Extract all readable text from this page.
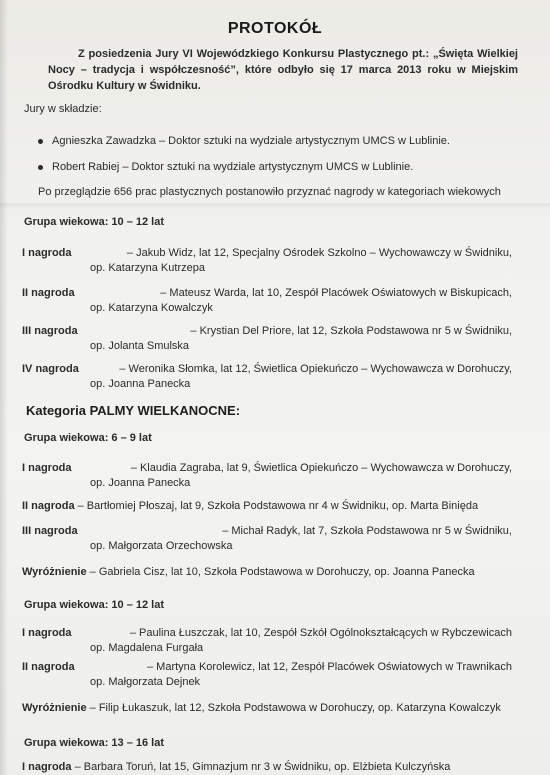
PROTOKÓŁ
Z posiedzenia Jury VI Wojewódzkiego Konkursu Plastycznego pt.: „Święta Wielkiej Nocy – tradycja i współczesność”, które odbyło się 17 marca 2013 roku w Miejskim Ośrodku Kultury w Świdniku.
Jury w składzie:
Agnieszka Zawadzka – Doktor sztuki na wydziale artystycznym UMCS w Lublinie.
Robert Rabiej – Doktor sztuki na wydziale artystycznym UMCS w Lublinie.
Po przeglądzie 656 prac plastycznych postanowiło przyznać nagrody w kategoriach wiekowych
Grupa wiekowa: 10 – 12 lat
I nagroda
	– Jakub Widz, lat 12, Specjalny Ośrodek Szkolno – Wychowawczy w Świdniku,
op. Katarzyna Kutrzepa
II nagroda
	– Mateusz Warda, lat 10, Zespół Placówek Oświatowych w Biskupicach,
op. Katarzyna Kowalczyk
III nagroda
	– Krystian Del Priore, lat 12, Szkoła Podstawowa nr 5 w Świdniku,
op. Jolanta Smulska
IV nagroda
	– Weronika Słomka, lat 12, Świetlica Opiekuńczo – Wychowawcza w Dorohuczy,
op. Joanna Panecka
Kategoria PALMY WIELKANOCNE:
Grupa wiekowa: 6 – 9 lat
I nagroda
	– Klaudia Zagraba, lat 9, Świetlica Opiekuńczo – Wychowawcza w Dorohuczy,
op. Joanna Panecka
II nagroda – Bartłomiej Płoszaj, lat 9, Szkoła Podstawowa nr 4 w Świdniku, op. Marta Binięda
III nagroda
	– Michał Radyk, lat 7, Szkoła Podstawowa nr 5 w Świdniku,
op. Małgorzata Orzechowska
Wyróżnienie – Gabriela Cisz, lat 10, Szkoła Podstawowa w Dorohuczy, op. Joanna Panecka
Grupa wiekowa: 10 – 12 lat
I nagroda
	– Paulina Łuszczak, lat 10, Zespół Szkół Ogólnokształcących w Rybczewicach
op. Magdalena Furgała
II nagroda
	– Martyna Korolewicz, lat 12, Zespół Placówek Oświatowych w Trawnikach
op. Małgorzata Dejnek
Wyróżnienie – Filip Łukaszuk, lat 12, Szkoła Podstawowa w Dorohuczy, op. Katarzyna Kowalczyk
Grupa wiekowa: 13 – 16 lat
I nagroda – Barbara Toruń, lat 15, Gimnazjum nr 3 w Świdniku, op. Elżbieta Kulczyńska
